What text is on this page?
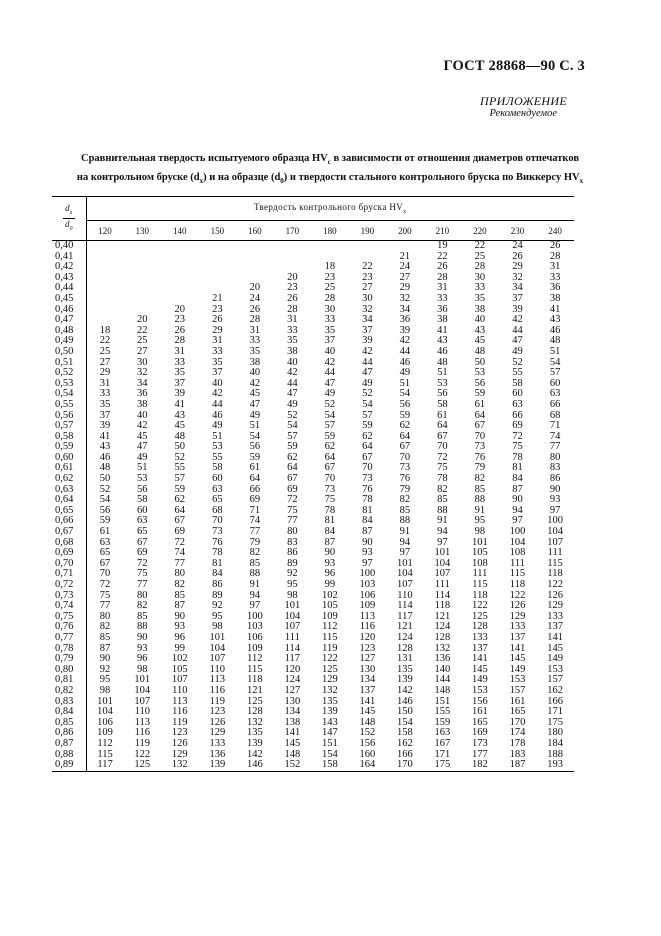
ГОСТ 28868—90 С. 3
ПРИЛОЖЕНИЕ
Рекомендуемое
Сравнительная твердость испытуемого образца $HV_c$ в зависимости от отношения диаметров отпечатков
на контрольном бруске $(d_x)$ и на образце $(d_0)$ и твердости стального контрольного бруска по Виккерсу $HV_x$
$\frac{d_x}{d_0}$	Твердость контрольного бруска $HV_x$
	120	130	140	150	160	170	180	190	200	210	220	230	240
0,40										19	22	24	26
0,41									21	22	25	26	28
0,42							18	22	24	26	28	29	31
0,43						20	23	23	27	28	30	32	33
0,44					20	23	25	27	29	31	33	34	36
0,45				21	24	26	28	30	32	33	35	37	38
0,46			20	23	26	28	30	32	34	36	38	39	41
0,47		20	23	26	28	31	33	34	36	38	40	42	43
0,48	18	22	26	29	31	33	35	37	39	41	43	44	46
0,49	22	25	28	31	33	35	37	39	42	43	45	47	48
0,50	25	27	31	33	35	38	40	42	44	46	48	49	51
0,51	27	30	33	35	38	40	42	44	46	48	50	52	54
0,52	29	32	35	37	40	42	44	47	49	51	53	55	57
0,53	31	34	37	40	42	44	47	49	51	53	56	58	60
0,54	33	36	39	42	45	47	49	52	54	56	59	60	63
0,55	35	38	41	44	47	49	52	54	56	58	61	63	66
0,56	37	40	43	46	49	52	54	57	59	61	64	66	68
0,57	39	42	45	49	51	54	57	59	62	64	67	69	71
0,58	41	45	48	51	54	57	59	62	64	67	70	72	74
0,59	43	47	50	53	56	59	62	64	67	70	73	75	77
0,60	46	49	52	55	59	62	64	67	70	72	76	78	80
0,61	48	51	55	58	61	64	67	70	73	75	79	81	83
0,62	50	53	57	60	64	67	70	73	76	78	82	84	86
0,63	52	56	59	63	66	69	73	76	79	82	85	87	90
0,64	54	58	62	65	69	72	75	78	82	85	88	90	93
0,65	56	60	64	68	71	75	78	81	85	88	91	94	97
0,66	59	63	67	70	74	77	81	84	88	91	95	97	100
0,67	61	65	69	73	77	80	84	87	91	94	98	100	104
0,68	63	67	72	76	79	83	87	90	94	97	101	104	107
0,69	65	69	74	78	82	86	90	93	97	101	105	108	111
0,70	67	72	77	81	85	89	93	97	101	104	108	111	115
0,71	70	75	80	84	88	92	96	100	104	107	111	115	118
0,72	72	77	82	86	91	95	99	103	107	111	115	118	122
0,73	75	80	85	89	94	98	102	106	110	114	118	122	126
0,74	77	82	87	92	97	101	105	109	114	118	122	126	129
0,75	80	85	90	95	100	104	109	113	117	121	125	129	133
0,76	82	88	93	98	103	107	112	116	121	124	128	133	137
0,77	85	90	96	101	106	111	115	120	124	128	133	137	141
0,78	87	93	99	104	109	114	119	123	128	132	137	141	145
0,79	90	96	102	107	112	117	122	127	131	136	141	145	149
0,80	92	98	105	110	115	120	125	130	135	140	145	149	153
0,81	95	101	107	113	118	124	129	134	139	144	149	153	157
0,82	98	104	110	116	121	127	132	137	142	148	153	157	162
0,83	101	107	113	119	125	130	135	141	146	151	156	161	166
0,84	104	110	116	123	128	134	139	145	150	155	161	165	171
0,85	106	113	119	126	132	138	143	148	154	159	165	170	175
0,86	109	116	123	129	135	141	147	152	158	163	169	174	180
0,87	112	119	126	133	139	145	151	156	162	167	173	178	184
0,88	115	122	129	136	142	148	154	160	166	171	177	183	188
0,89	117	125	132	139	146	152	158	164	170	175	182	187	193
